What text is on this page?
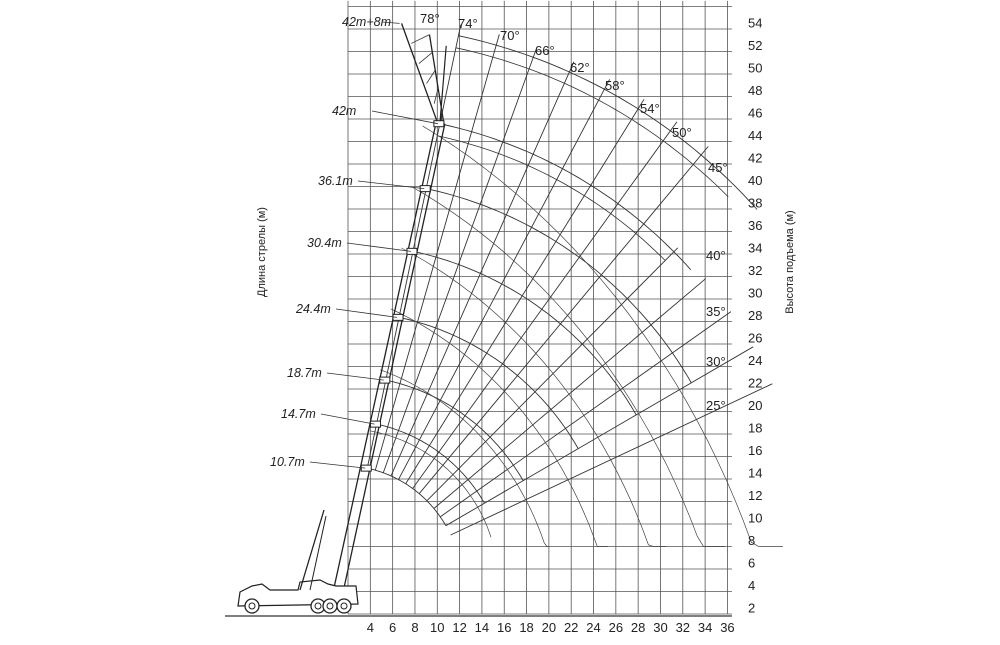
42m+8m
42m
36.1m
30.4m
24.4m
18.7m
14.7m
10.7m
78° 74°
70°
66°
62°
58°
54°
50°
45°
40°
35°
30°
25°
4 6 8 10 12 14 16 18 20 22 24 26 28 30 32 34 36
2
4
6
8
10
12
14
16
18
20
22
24
26
28
30
32
34
36
38
40
42
44
46
48
50
52
54
Высота подъема (м)
Длина стрелы (м)
